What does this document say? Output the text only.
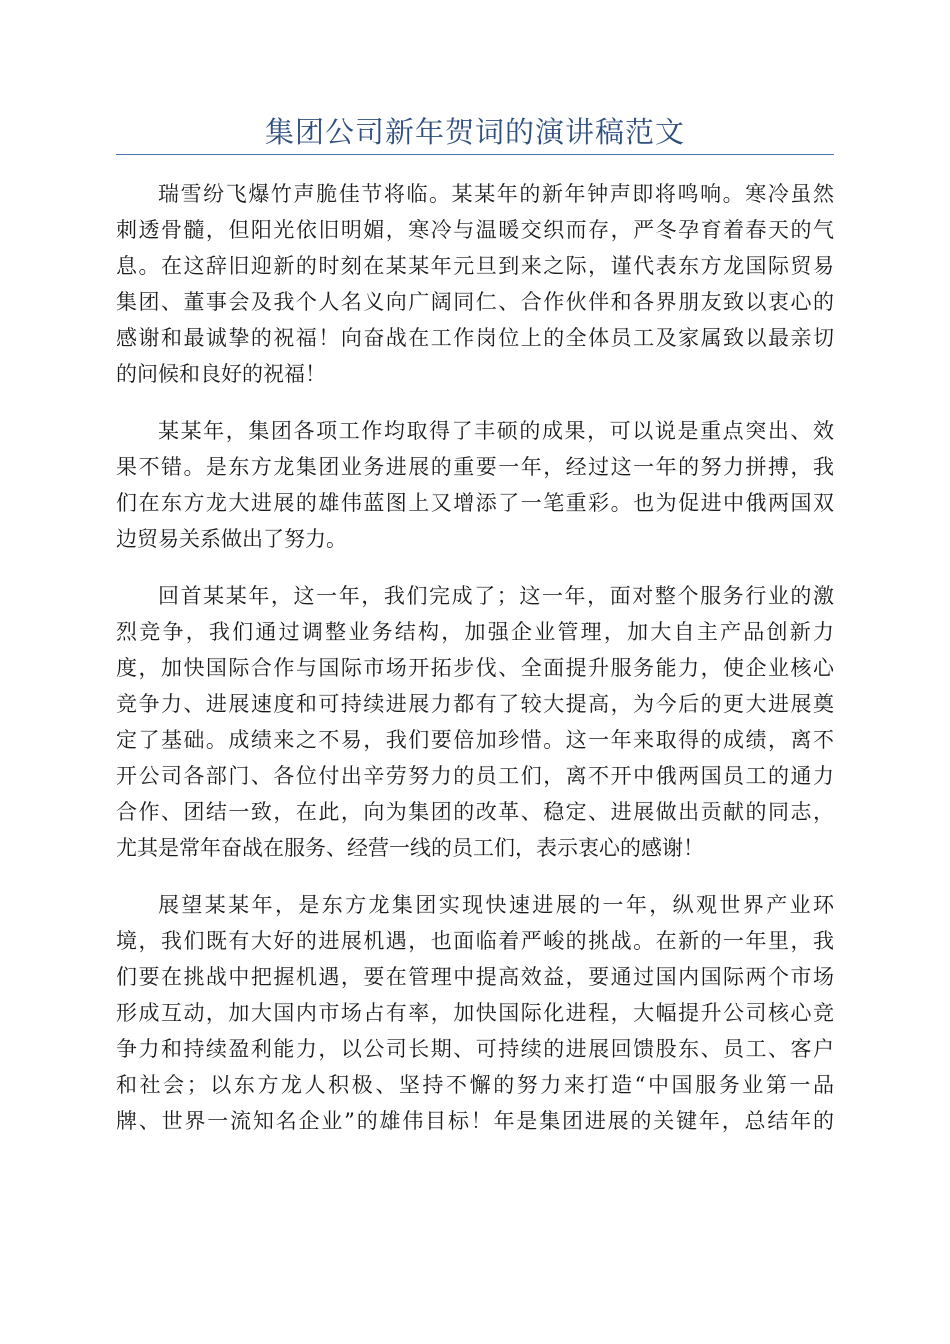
集团公司新年贺词的演讲稿范文
瑞雪纷飞爆竹声脆佳节将临。某某年的新年钟声即将鸣响。寒冷虽然
刺透骨髓，但阳光依旧明媚，寒冷与温暖交织而存，严冬孕育着春天的气
息。在这辞旧迎新的时刻在某某年元旦到来之际，谨代表东方龙国际贸易
集团、董事会及我个人名义向广阔同仁、合作伙伴和各界朋友致以衷心的
感谢和最诚挚的祝福！向奋战在工作岗位上的全体员工及家属致以最亲切
的问候和良好的祝福！
某某年，集团各项工作均取得了丰硕的成果，可以说是重点突出、效
果不错。是东方龙集团业务进展的重要一年，经过这一年的努力拼搏，我
们在东方龙大进展的雄伟蓝图上又增添了一笔重彩。也为促进中俄两国双
边贸易关系做出了努力。
回首某某年，这一年，我们完成了；这一年，面对整个服务行业的激
烈竞争，我们通过调整业务结构，加强企业管理，加大自主产品创新力
度，加快国际合作与国际市场开拓步伐、全面提升服务能力，使企业核心
竞争力、进展速度和可持续进展力都有了较大提高，为今后的更大进展奠
定了基础。成绩来之不易，我们要倍加珍惜。这一年来取得的成绩，离不
开公司各部门、各位付出辛劳努力的员工们，离不开中俄两国员工的通力
合作、团结一致，在此，向为集团的改革、稳定、进展做出贡献的同志，
尤其是常年奋战在服务、经营一线的员工们，表示衷心的感谢！
展望某某年，是东方龙集团实现快速进展的一年，纵观世界产业环
境，我们既有大好的进展机遇，也面临着严峻的挑战。在新的一年里，我
们要在挑战中把握机遇，要在管理中提高效益，要通过国内国际两个市场
形成互动，加大国内市场占有率，加快国际化进程，大幅提升公司核心竞
争力和持续盈利能力，以公司长期、可持续的进展回馈股东、员工、客户
和社会；以东方龙人积极、坚持不懈的努力来打造“中国服务业第一品
牌、世界一流知名企业”的雄伟目标！年是集团进展的关键年，总结年的
